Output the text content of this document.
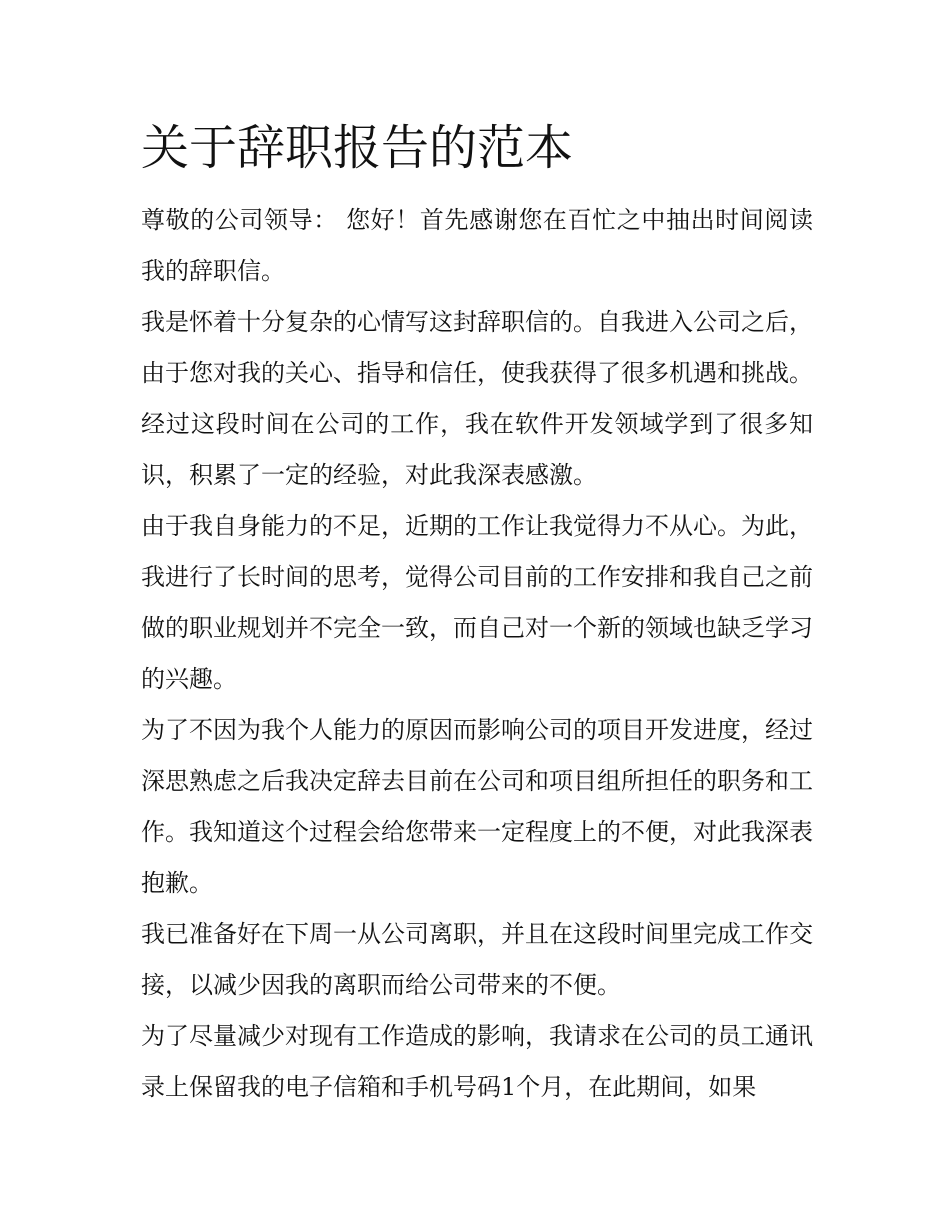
关于辞职报告的范本

尊敬的公司领导： 您好！首先感谢您在百忙之中抽出时间阅读我的辞职信。

我是怀着十分复杂的心情写这封辞职信的。自我进入公司之后，由于您对我的关心、指导和信任，使我获得了很多机遇和挑战。经过这段时间在公司的工作，我在软件开发领域学到了很多知识，积累了一定的经验，对此我深表感激。

由于我自身能力的不足，近期的工作让我觉得力不从心。为此，我进行了长时间的思考，觉得公司目前的工作安排和我自己之前做的职业规划并不完全一致，而自己对一个新的领域也缺乏学习的兴趣。

为了不因为我个人能力的原因而影响公司的项目开发进度，经过深思熟虑之后我决定辞去目前在公司和项目组所担任的职务和工作。我知道这个过程会给您带来一定程度上的不便，对此我深表抱歉。

我已准备好在下周一从公司离职，并且在这段时间里完成工作交接，以减少因我的离职而给公司带来的不便。

为了尽量减少对现有工作造成的影响，我请求在公司的员工通讯录上保留我的电子信箱和手机号码1个月，在此期间，如果
